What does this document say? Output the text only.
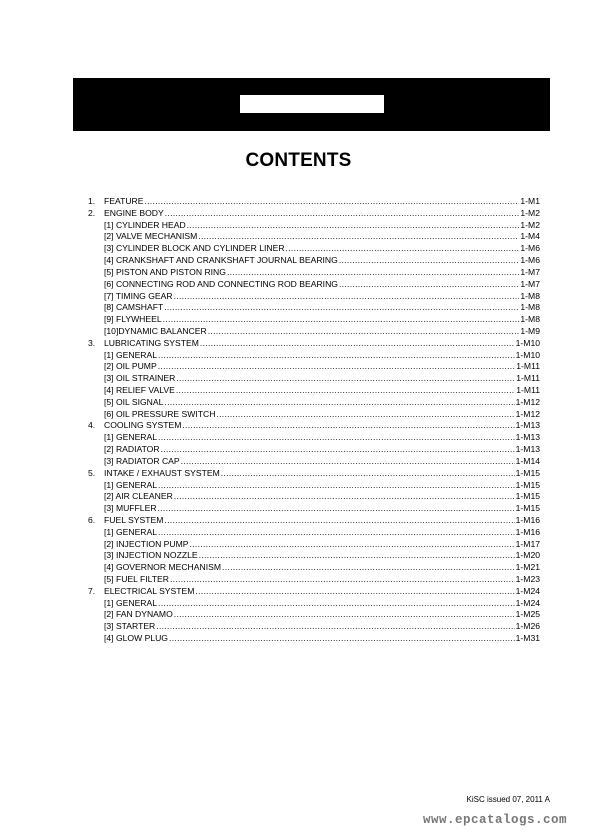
CONTENTS
1.	FEATURE .....	1-M1
2.	ENGINE BODY .....	1-M2
[1] CYLINDER HEAD .....	1-M2
[2] VALVE MECHANISM .....	1-M4
[3] CYLINDER BLOCK AND CYLINDER LINER .....	1-M6
[4] CRANKSHAFT AND CRANKSHAFT JOURNAL BEARING .....	1-M6
[5] PISTON AND PISTON RING .....	1-M7
[6] CONNECTING ROD AND CONNECTING ROD BEARING .....	1-M7
[7] TIMING GEAR .....	1-M8
[8] CAMSHAFT .....	1-M8
[9] FLYWHEEL .....	1-M8
[10]DYNAMIC BALANCER .....	1-M9
3.	LUBRICATING SYSTEM .....	1-M10
[1] GENERAL .....	1-M10
[2] OIL PUMP .....	1-M11
[3] OIL STRAINER .....	1-M11
[4] RELIEF VALVE .....	1-M11
[5] OIL SIGNAL .....	1-M12
[6] OIL PRESSURE SWITCH .....	1-M12
4.	COOLING SYSTEM .....	1-M13
[1] GENERAL .....	1-M13
[2] RADIATOR .....	1-M13
[3] RADIATOR CAP .....	1-M14
5.	INTAKE / EXHAUST SYSTEM .....	1-M15
[1] GENERAL .....	1-M15
[2] AIR CLEANER .....	1-M15
[3] MUFFLER .....	1-M15
6.	FUEL SYSTEM .....	1-M16
[1] GENERAL .....	1-M16
[2] INJECTION PUMP .....	1-M17
[3] INJECTION NOZZLE .....	1-M20
[4] GOVERNOR MECHANISM .....	1-M21
[5] FUEL FILTER .....	1-M23
7.	ELECTRICAL SYSTEM .....	1-M24
[1] GENERAL .....	1-M24
[2] FAN DYNAMO .....	1-M25
[3] STARTER .....	1-M26
[4] GLOW PLUG .....	1-M31
KiSC issued 07, 2011 A
www.epcatalogs.com
